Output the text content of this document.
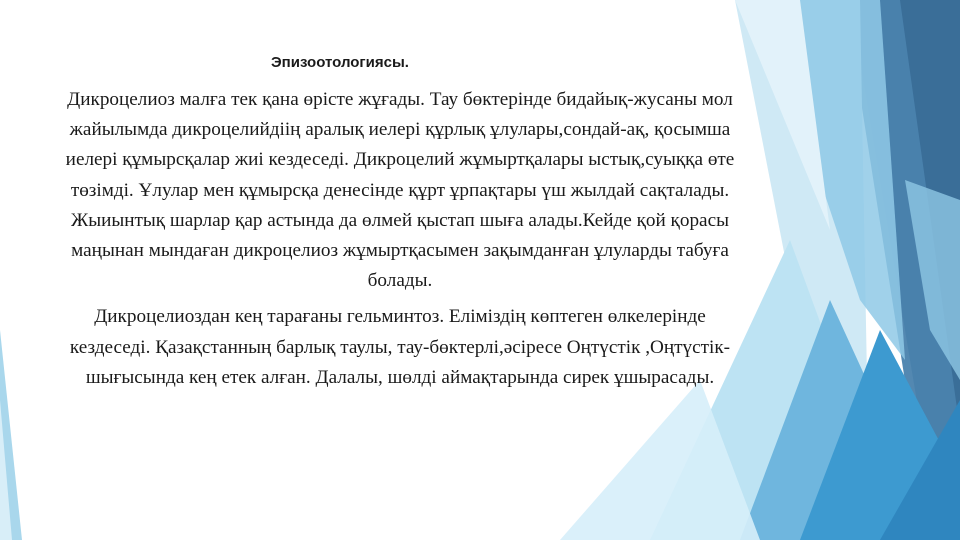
Эпизоотологиясы.

Дикроцелиоз малға тек қана өрісте жұғады. Тау бөктерінде бидайық-жусаны мол жайылымда дикроцелийдіің аралық иелері құрлық ұлулары,сондай-ақ, қосымша иелері құмырсқалар жиі кездеседі. Дикроцелий жұмыртқалары ыстық,суыққа өте төзімді. Ұлулар мен құмырсқа денесінде құрт ұрпақтары үш жылдай сақталады. Жыиынтық шарлар қар астында да өлмей қыстап шыға алады.Кейде қой қорасы маңынан мындаған дикроцелиоз жұмыртқасымен зақымданған ұлуларды табуға болады.

Дикроцелиоздан кең тарағаны гельминтоз. Еліміздің көптеген өлкелерінде кездеседі. Қазақстанның барлық таулы, тау-бөктерлі,әсіресе Оңтүстік ,Оңтүстік-шығысында кең етек алған. Далалы, шөлді аймақтарында сирек ұшырасады.
